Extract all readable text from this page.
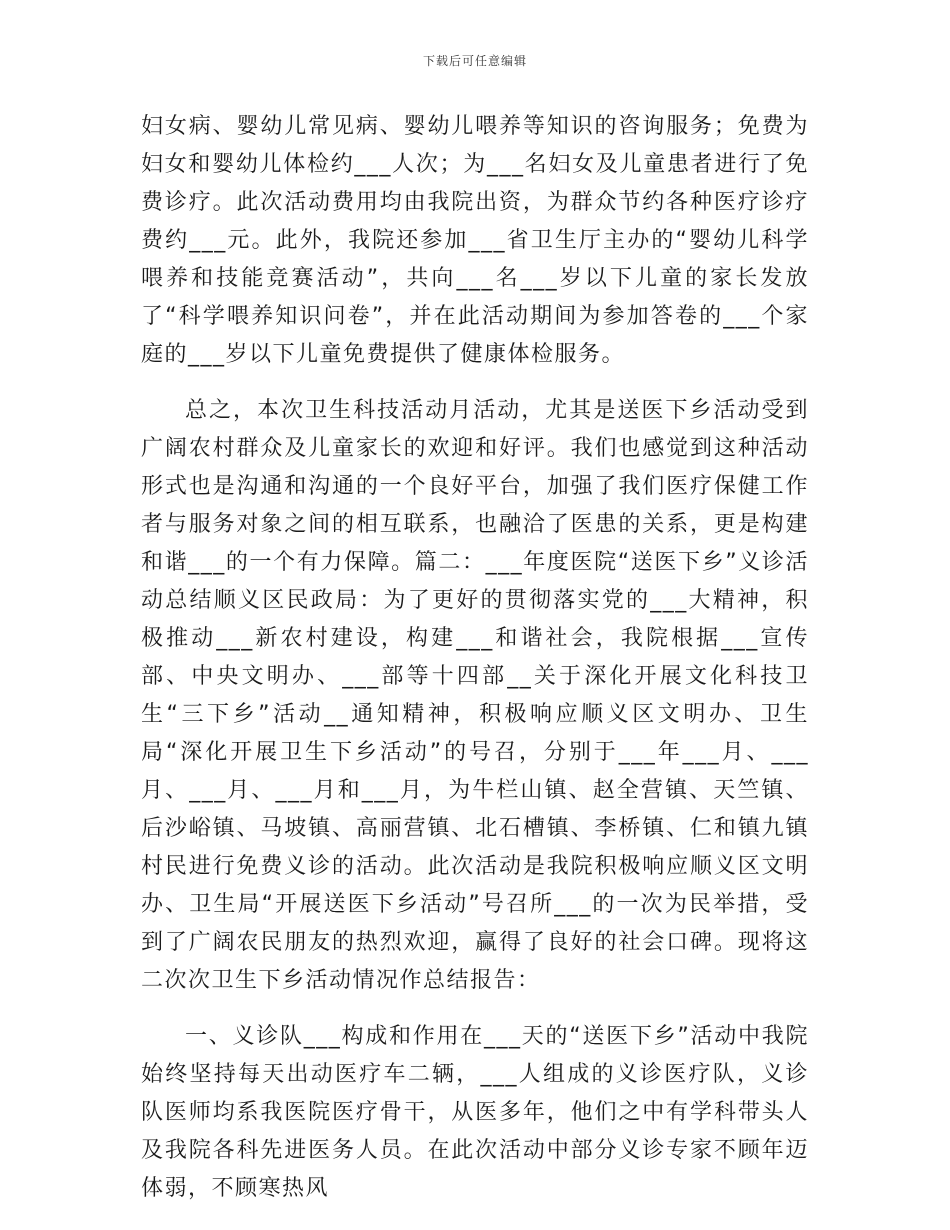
下载后可任意编辑

妇女病、婴幼儿常见病、婴幼儿喂养等知识的咨询服务；免费为妇女和婴幼儿体检约___人次；为___名妇女及儿童患者进行了免费诊疗。此次活动费用均由我院出资，为群众节约各种医疗诊疗费约___元。此外，我院还参加___省卫生厅主办的“婴幼儿科学喂养和技能竞赛活动”，共向___名___岁以下儿童的家长发放了“科学喂养知识问卷”，并在此活动期间为参加答卷的___个家庭的___岁以下儿童免费提供了健康体检服务。

总之，本次卫生科技活动月活动，尤其是送医下乡活动受到广阔农村群众及儿童家长的欢迎和好评。我们也感觉到这种活动形式也是沟通和沟通的一个良好平台，加强了我们医疗保健工作者与服务对象之间的相互联系，也融洽了医患的关系，更是构建和谐___的一个有力保障。篇二：___年度医院“送医下乡”义诊活动总结顺义区民政局：为了更好的贯彻落实党的___大精神，积极推动___新农村建设，构建___和谐社会，我院根据___宣传部、中央文明办、___部等十四部__关于深化开展文化科技卫生“三下乡”活动__通知精神，积极响应顺义区文明办、卫生局“深化开展卫生下乡活动”的号召，分别于___年___月、___月、___月、___月和___月，为牛栏山镇、赵全营镇、天竺镇、后沙峪镇、马坡镇、高丽营镇、北石槽镇、李桥镇、仁和镇九镇村民进行免费义诊的活动。此次活动是我院积极响应顺义区文明办、卫生局“开展送医下乡活动”号召所___的一次为民举措，受到了广阔农民朋友的热烈欢迎，赢得了良好的社会口碑。现将这二次次卫生下乡活动情况作总结报告：

一、义诊队___构成和作用在___天的“送医下乡”活动中我院始终坚持每天出动医疗车二辆，___人组成的义诊医疗队，义诊队医师均系我医院医疗骨干，从医多年，他们之中有学科带头人及我院各科先进医务人员。在此次活动中部分义诊专家不顾年迈体弱，不顾寒热风
